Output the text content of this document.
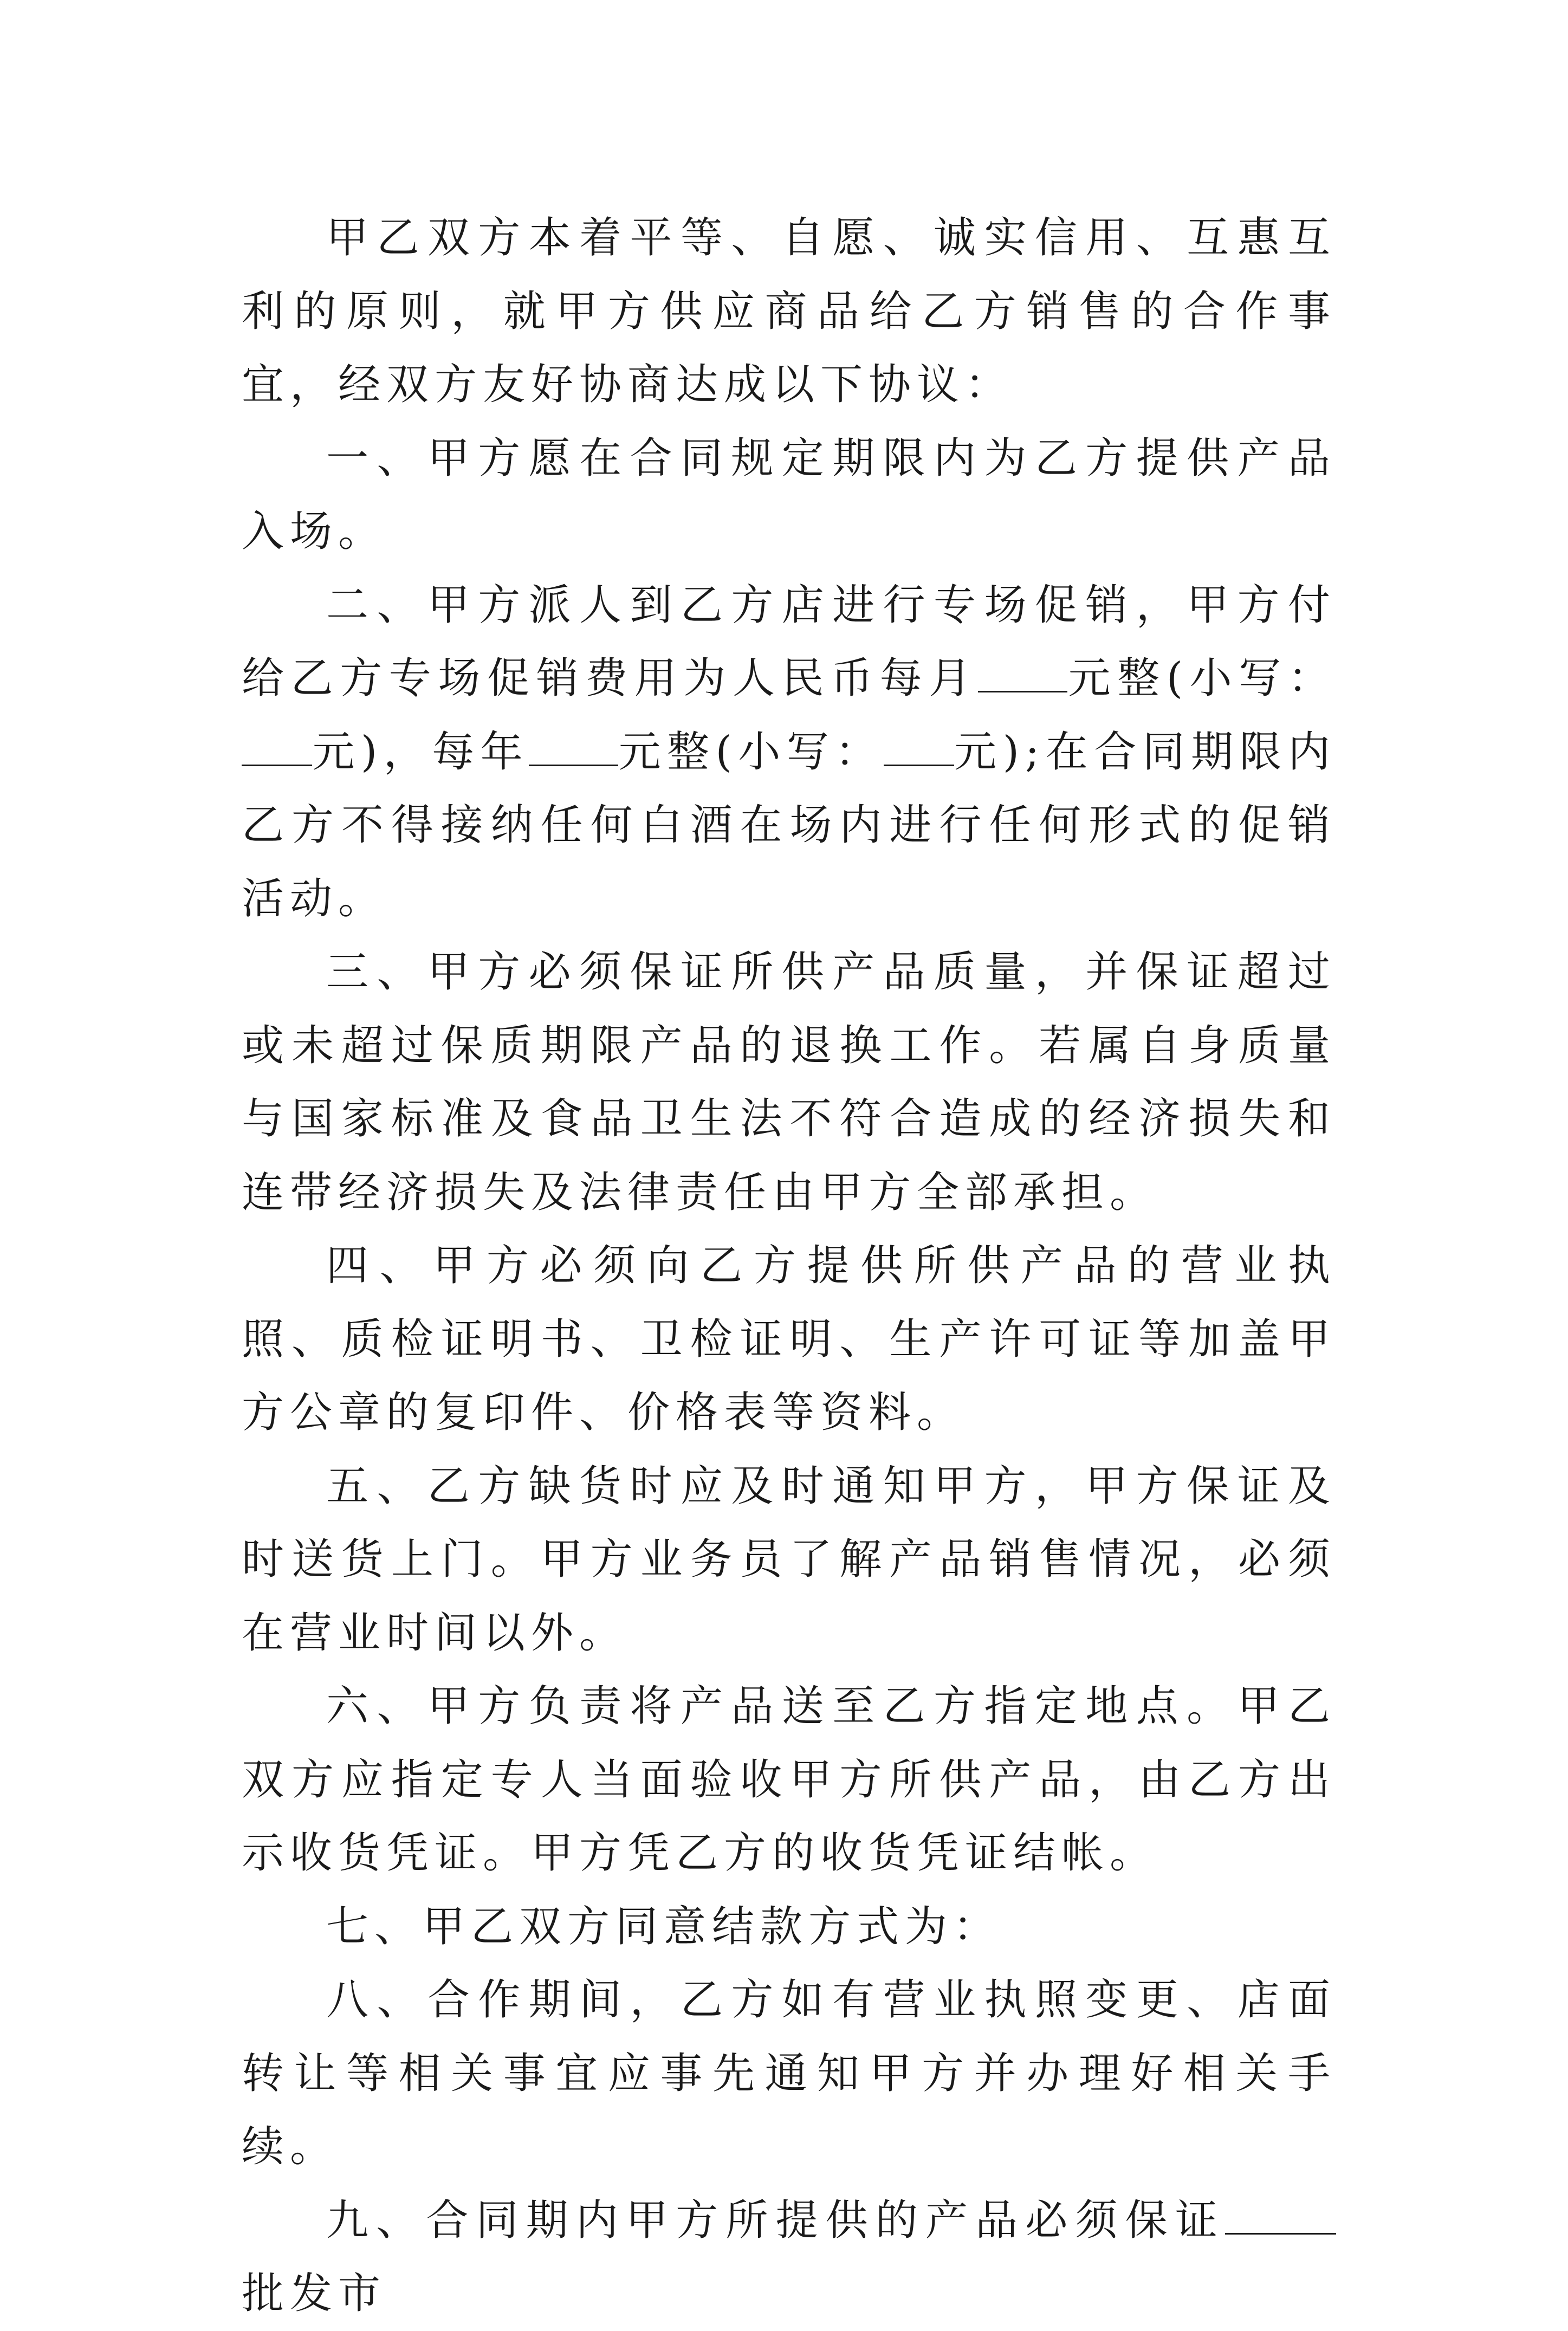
甲乙双方本着平等、自愿、诚实信用、互惠互利的原则，就甲方供应商品给乙方销售的合作事宜，经双方友好协商达成以下协议：

一、甲方愿在合同规定期限内为乙方提供产品入场。

二、甲方派人到乙方店进行专场促销，甲方付给乙方专场促销费用为人民币每月 元整(小写：元)，每年 元整(小写： 元);在合同期限内乙方不得接纳任何白酒在场内进行任何形式的促销活动。

三、甲方必须保证所供产品质量，并保证超过或未超过保质期限产品的退换工作。若属自身质量与国家标准及食品卫生法不符合造成的经济损失和连带经济损失及法律责任由甲方全部承担。

四、甲方必须向乙方提供所供产品的营业执照、质检证明书、卫检证明、生产许可证等加盖甲方公章的复印件、价格表等资料。

五、乙方缺货时应及时通知甲方，甲方保证及时送货上门。甲方业务员了解产品销售情况，必须在营业时间以外。

六、甲方负责将产品送至乙方指定地点。甲乙双方应指定专人当面验收甲方所供产品，由乙方出示收货凭证。甲方凭乙方的收货凭证结帐。

七、甲乙双方同意结款方式为：

八、合作期间，乙方如有营业执照变更、店面转让等相关事宜应事先通知甲方并办理好相关手续。

九、合同期内甲方所提供的产品必须保证批发市
